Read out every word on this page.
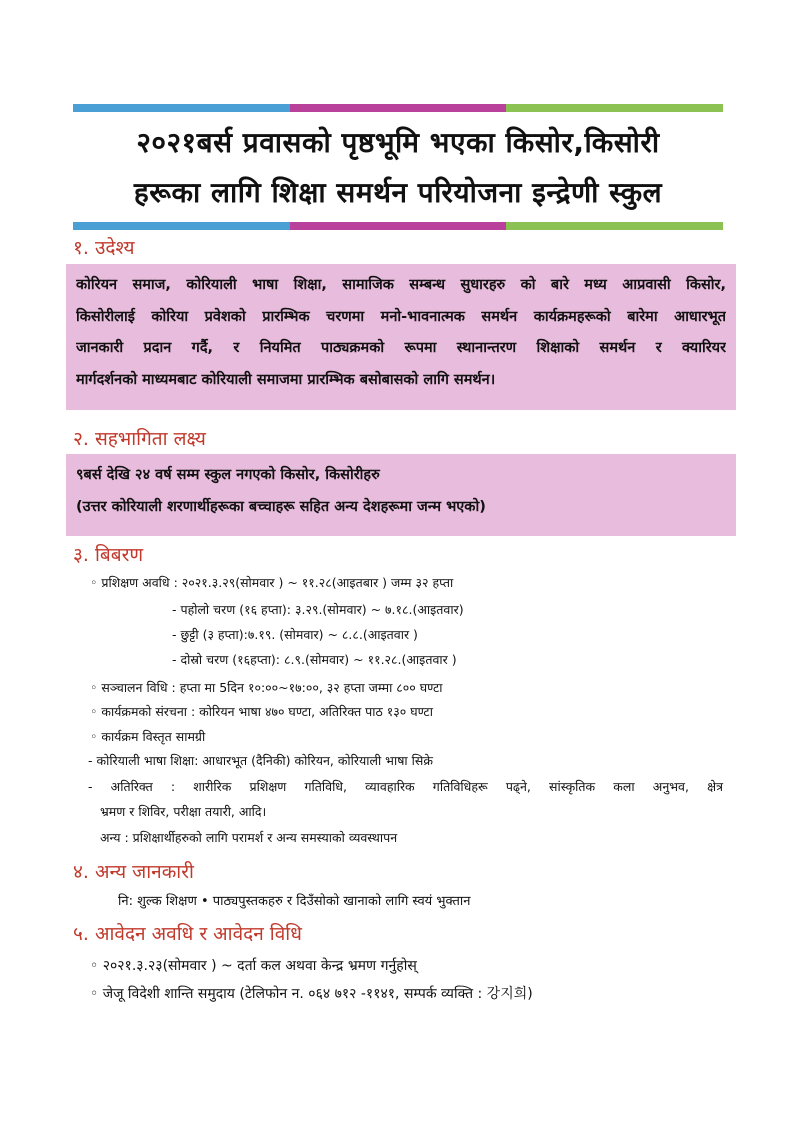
२०२१बर्स प्रवासको पृष्ठभूमि भएका किसोर,किसोरी
हरूका लागि शिक्षा समर्थन परियोजना इन्द्रेणी स्कुल
१. उदेश्य
कोरियन समाज, कोरियाली भाषा शिक्षा, सामाजिक सम्बन्ध सुधारहरु को बारे मध्य आप्रवासी किसोर,
किसोरीलाई कोरिया प्रवेशको प्रारम्भिक चरणमा मनो-भावनात्मक समर्थन कार्यक्रमहरूको बारेमा आधारभूत
जानकारी प्रदान गर्दै, र नियमित पाठ्यक्रमको रूपमा स्थानान्तरण शिक्षाको समर्थन र क्यारियर
मार्गदर्शनको माध्यमबाट कोरियाली समाजमा प्रारम्भिक बसोबासको लागि समर्थन।
२. सहभागिता लक्ष्य
९बर्स देखि २४ वर्ष सम्म स्कुल नगएको किसोर, किसोरीहरु
(उत्तर कोरियाली शरणार्थीहरूका बच्चाहरू सहित अन्य देशहरूमा जन्म भएको)
३. बिबरण
◦ प्रशिक्षण अवधि : २०२१.३.२९(सोमवार ) ~ ११.२८(आइतबार ) जम्म ३२ हप्ता
- पहोलो चरण (१६ हप्ता): ३.२९.(सोमवार) ~ ७.१८.(आइतवार)
- छुट्टी (३ हप्ता):७.१९. (सोमवार) ~ ८.८.(आइतवार )
- दोस्रो चरण (१६हप्ता): ८.९.(सोमवार) ~ ११.२८.(आइतवार )
◦ सञ्चालन विधि : हप्ता मा 5दिन १०:००~१७:००, ३२ हप्ता जम्मा ८०० घण्टा
◦ कार्यक्रमको संरचना : कोरियन भाषा ४७० घण्टा, अतिरिक्त पाठ १३० घण्टा
◦ कार्यक्रम विस्तृत सामग्री
- कोरियाली भाषा शिक्षा: आधारभूत (दैनिकी) कोरियन, कोरियाली भाषा सिक्रे
- अतिरिक्त : शारीरिक प्रशिक्षण गतिविधि, व्यावहारिक गतिविधिहरू पढ्ने, सांस्कृतिक कला अनुभव, क्षेत्र
भ्रमण र शिविर, परीक्षा तयारी, आदि।
अन्य : प्रशिक्षार्थीहरुको लागि परामर्श र अन्य समस्याको व्यवस्थापन
४. अन्य जानकारी
नि: शुल्क शिक्षण • पाठ्यपुस्तकहरु र दिउँसोको खानाको लागि स्वयं भुक्तान
५. आवेदन अवधि र आवेदन विधि
◦ २०२१.३.२३(सोमवार ) ~ दर्ता कल अथवा केन्द्र भ्रमण गर्नुहोस्
◦ जेजू विदेशी शान्ति समुदाय (टेलिफोन न. ०६४ ७१२ -११४१, सम्पर्क व्यक्ति : 강지희)
